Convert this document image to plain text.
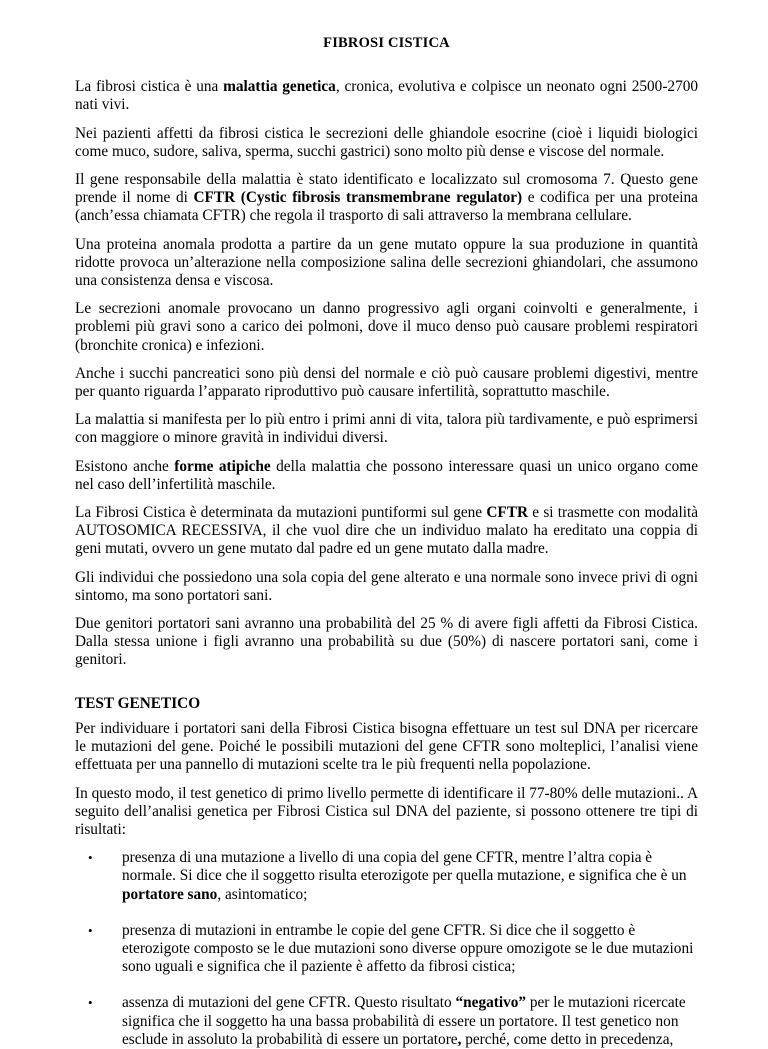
FIBROSI CISTICA

La fibrosi cistica è una malattia genetica, cronica, evolutiva e colpisce un neonato ogni 2500-2700 nati vivi.

Nei pazienti affetti da fibrosi cistica le secrezioni delle ghiandole esocrine (cioè i liquidi biologici come muco, sudore, saliva, sperma, succhi gastrici) sono molto più dense e viscose del normale.

Il gene responsabile della malattia è stato identificato e localizzato sul cromosoma 7. Questo gene prende il nome di CFTR (Cystic fibrosis transmembrane regulator) e codifica per una proteina (anch’essa chiamata CFTR) che regola il trasporto di sali attraverso la membrana cellulare.

Una proteina anomala prodotta a partire da un gene mutato oppure la sua produzione in quantità ridotte provoca un’alterazione nella composizione salina delle secrezioni ghiandolari, che assumono una consistenza densa e viscosa.

Le secrezioni anomale provocano un danno progressivo agli organi coinvolti e generalmente, i problemi più gravi sono a carico dei polmoni, dove il muco denso può causare problemi respiratori (bronchite cronica) e infezioni.

Anche i succhi pancreatici sono più densi del normale e ciò può causare problemi digestivi, mentre per quanto riguarda l’apparato riproduttivo può causare infertilità, soprattutto maschile.

La malattia si manifesta per lo più entro i primi anni di vita, talora più tardivamente, e può esprimersi con maggiore o minore gravità in individui diversi.

Esistono anche forme atipiche della malattia che possono interessare quasi un unico organo come nel caso dell’infertilità maschile.

La Fibrosi Cistica è determinata da mutazioni puntiformi sul gene CFTR e si trasmette con modalità AUTOSOMICA RECESSIVA, il che vuol dire che un individuo malato ha ereditato una coppia di geni mutati, ovvero un gene mutato dal padre ed un gene mutato dalla madre.

Gli individui che possiedono una sola copia del gene alterato e una normale sono invece privi di ogni sintomo, ma sono portatori sani.

Due genitori portatori sani avranno una probabilità del 25 % di avere figli affetti da Fibrosi Cistica. Dalla stessa unione i figli avranno una probabilità su due (50%) di nascere portatori sani, come i genitori.

TEST GENETICO

Per individuare i portatori sani della Fibrosi Cistica bisogna effettuare un test sul DNA per ricercare le mutazioni del gene. Poiché le possibili mutazioni del gene CFTR sono molteplici, l’analisi viene effettuata per una pannello di mutazioni scelte tra le più frequenti nella popolazione.

In questo modo, il test genetico di primo livello permette di identificare il 77-80% delle mutazioni.. A seguito dell’analisi genetica per Fibrosi Cistica sul DNA del paziente, si possono ottenere tre tipi di risultati:

• presenza di una mutazione a livello di una copia del gene CFTR, mentre l’altra copia è normale. Si dice che il soggetto risulta eterozigote per quella mutazione, e significa che è un portatore sano, asintomatico;
• presenza di mutazioni in entrambe le copie del gene CFTR. Si dice che il soggetto è eterozigote composto se le due mutazioni sono diverse oppure omozigote se le due mutazioni sono uguali e significa che il paziente è affetto da fibrosi cistica;
• assenza di mutazioni del gene CFTR. Questo risultato “negativo” per le mutazioni ricercate significa che il soggetto ha una bassa probabilità di essere un portatore. Il test genetico non esclude in assoluto la probabilità di essere un portatore, perché, come detto in precedenza,
